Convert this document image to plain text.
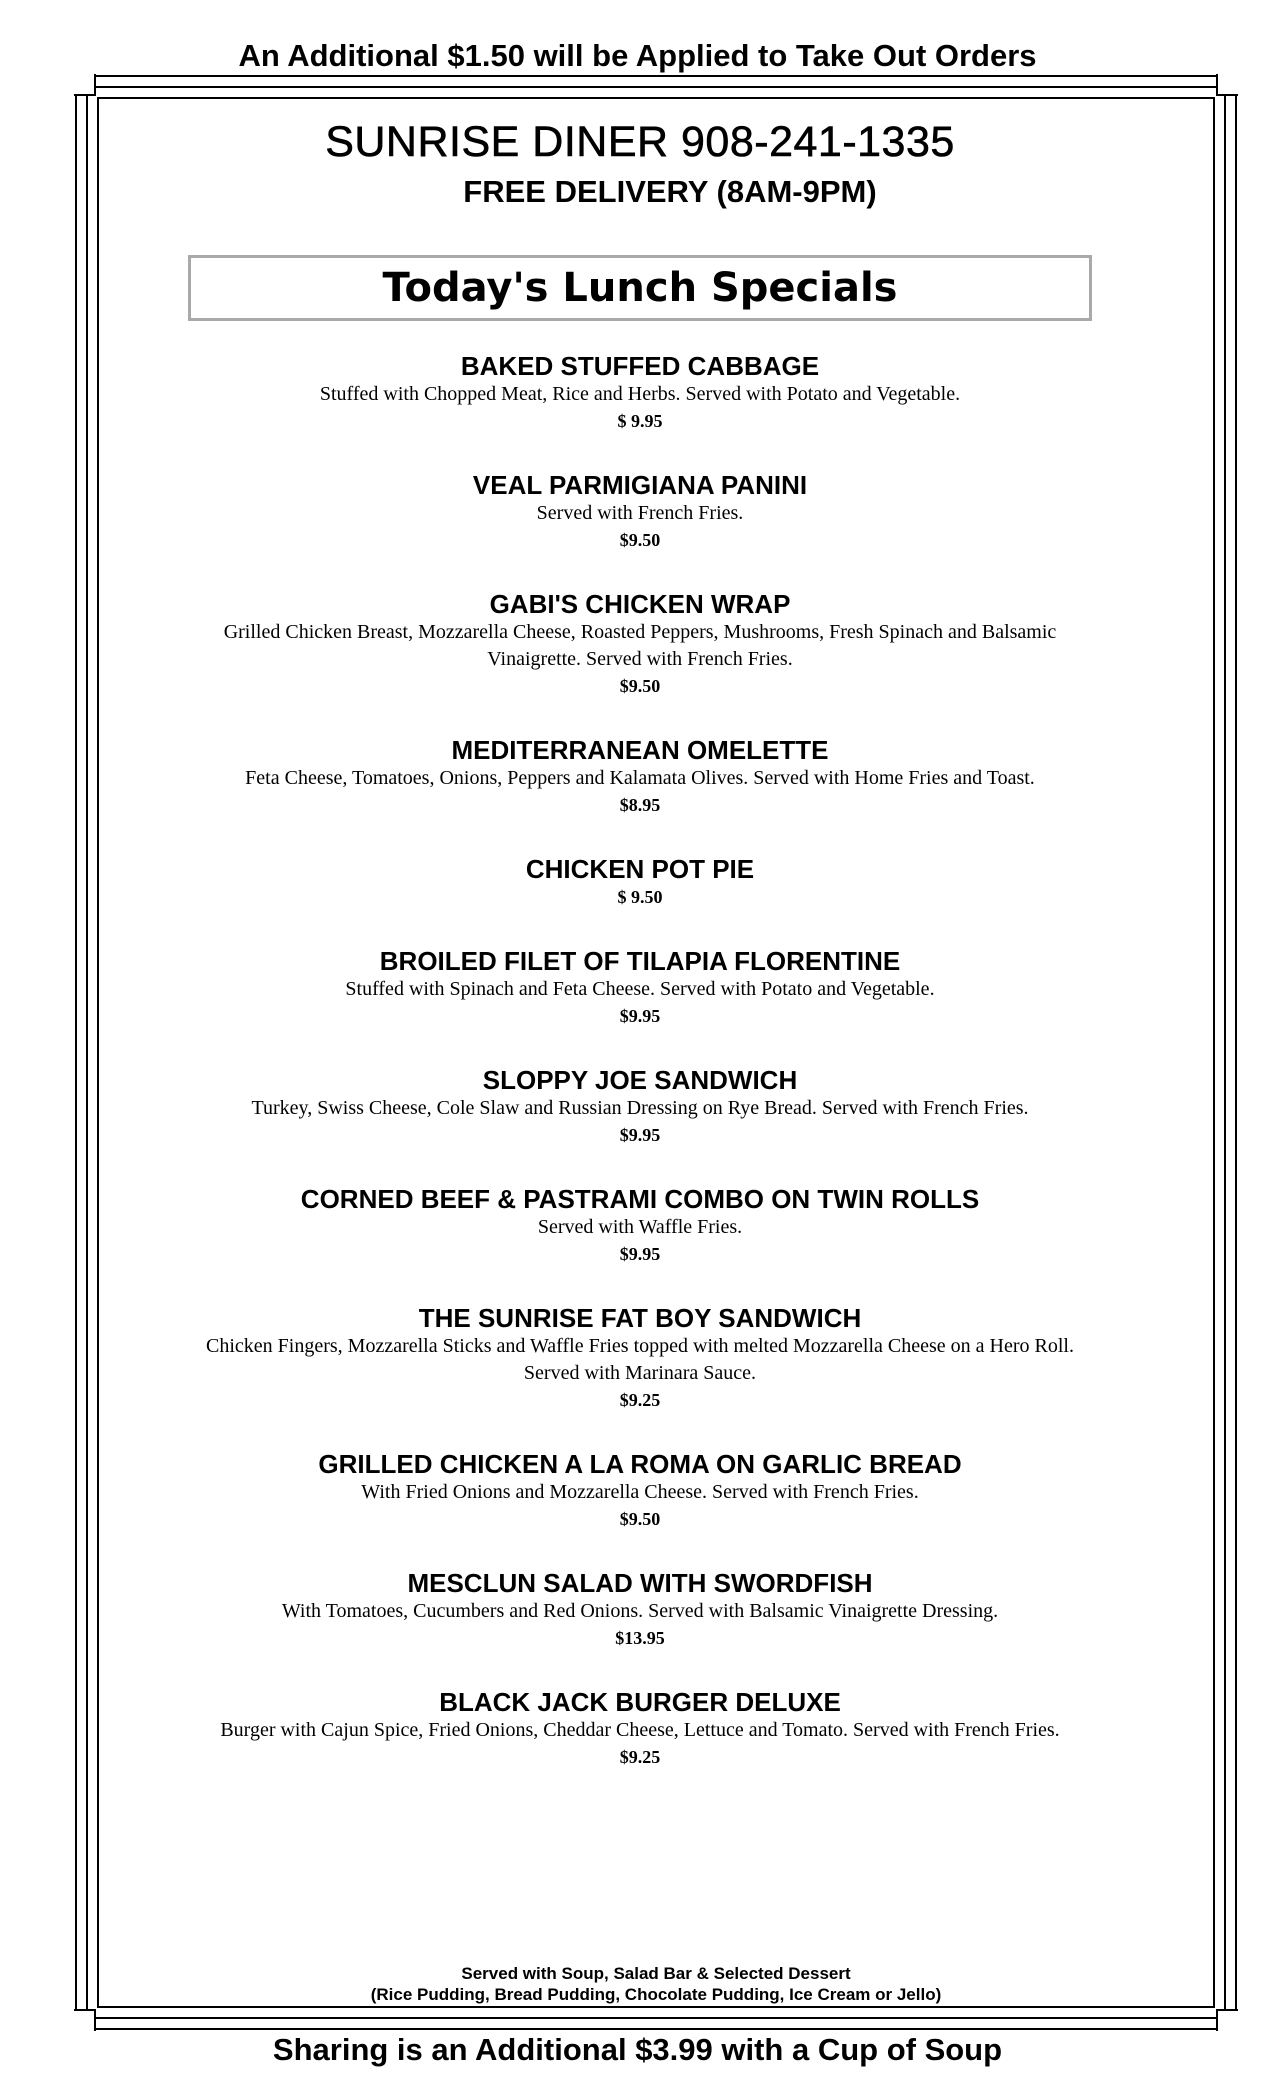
An Additional $1.50 will be Applied to Take Out Orders
SUNRISE DINER 908-241-1335
FREE DELIVERY (8AM-9PM)
Today's Lunch Specials
BAKED STUFFED CABBAGE
Stuffed with Chopped Meat, Rice and Herbs. Served with Potato and Vegetable.
$ 9.95
VEAL PARMIGIANA PANINI
Served with French Fries.
$9.50
GABI'S CHICKEN WRAP
Grilled Chicken Breast, Mozzarella Cheese, Roasted Peppers, Mushrooms, Fresh Spinach and Balsamic Vinaigrette. Served with French Fries.
$9.50
MEDITERRANEAN OMELETTE
Feta Cheese, Tomatoes, Onions, Peppers and Kalamata Olives. Served with Home Fries and Toast.
$8.95
CHICKEN POT PIE
$ 9.50
BROILED FILET OF TILAPIA FLORENTINE
Stuffed with Spinach and Feta Cheese. Served with Potato and Vegetable.
$9.95
SLOPPY JOE SANDWICH
Turkey, Swiss Cheese, Cole Slaw and Russian Dressing on Rye Bread. Served with French Fries.
$9.95
CORNED BEEF & PASTRAMI COMBO ON TWIN ROLLS
Served with Waffle Fries.
$9.95
THE SUNRISE FAT BOY SANDWICH
Chicken Fingers, Mozzarella Sticks and Waffle Fries topped with melted Mozzarella Cheese on a Hero Roll. Served with Marinara Sauce.
$9.25
GRILLED CHICKEN A LA ROMA ON GARLIC BREAD
With Fried Onions and Mozzarella Cheese. Served with French Fries.
$9.50
MESCLUN SALAD WITH SWORDFISH
With Tomatoes, Cucumbers and Red Onions. Served with Balsamic Vinaigrette Dressing.
$13.95
BLACK JACK BURGER DELUXE
Burger with Cajun Spice, Fried Onions, Cheddar Cheese, Lettuce and Tomato. Served with French Fries.
$9.25
Served with Soup, Salad Bar & Selected Dessert
(Rice Pudding, Bread Pudding, Chocolate Pudding, Ice Cream or Jello)
Sharing is an Additional $3.99 with a Cup of Soup
